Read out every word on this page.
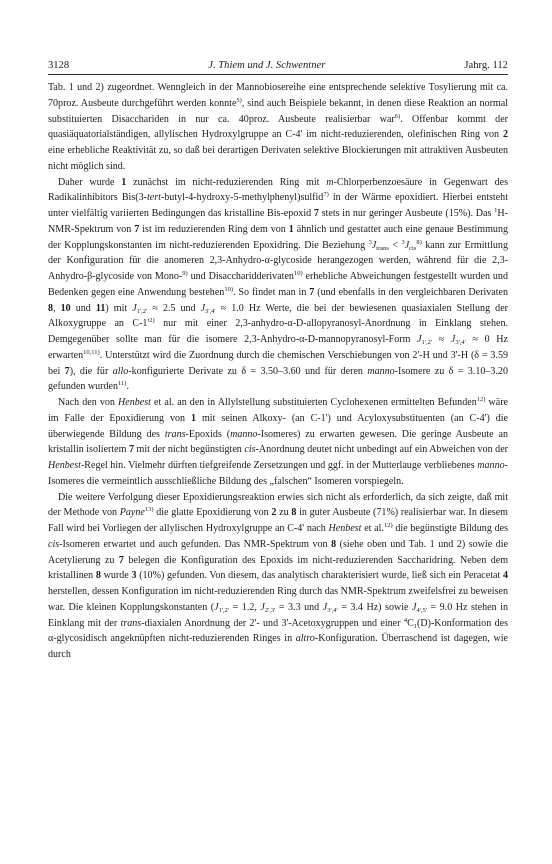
3128	J. Thiem und J. Schwentner	Jahrg. 112

Tab. 1 und 2) zugeordnet. Wenngleich in der Mannobiosereihe eine entsprechende selektive Tosylierung mit ca. 70proz. Ausbeute durchgeführt werden konnte$^{5)}$, sind auch Beispiele bekannt, in denen diese Reaktion an normal substituierten Disacchariden in nur ca. 40proz. Ausbeute realisierbar war$^{6)}$. Offenbar kommt der quasiäquatorialständigen, allylischen Hydroxylgruppe an C-4' im nicht-reduzierenden, olefinischen Ring von 2 eine erhebliche Reaktivität zu, so daß bei derartigen Derivaten selektive Blockierungen mit attraktiven Ausbeuten nicht möglich sind.

Daher wurde 1 zunächst im nicht-reduzierenden Ring mit m-Chlorperbenzoesäure in Gegenwart des Radikalinhibitors Bis(3-tert-butyl-4-hydroxy-5-methylphenyl)sulfid$^{7)}$ in der Wärme epoxidiert. Hierbei entsteht unter vielfältig variierten Bedingungen das kristalline Bis-epoxid 7 stets in nur geringer Ausbeute (15%). Das $^1$H-NMR-Spektrum von 7 ist im reduzierenden Ring dem von 1 ähnlich und gestattet auch eine genaue Bestimmung der Kopplungskonstanten im nicht-reduzierenden Epoxidring. Die Beziehung $^3J_{trans} < ^3J_{cis}^{8)}$ kann zur Ermittlung der Konfiguration für die anomeren 2,3-Anhydro-α-glycoside herangezogen werden, während für die 2,3-Anhydro-β-glycoside von Mono-$^{9)}$ und Disaccharidderivaten$^{10)}$ erhebliche Abweichungen festgestellt wurden und Bedenken gegen eine Anwendung bestehen$^{10)}$. So findet man in 7 (und ebenfalls in den vergleichbaren Derivaten 8, 10 und 11) mit $J_{1',2'} \approx 2.5$ und $J_{3',4'} \approx 1.0$ Hz Werte, die bei der bewiesenen quasiaxialen Stellung der Alkoxygruppe an $C-1'^{2)}$ nur mit einer 2,3-anhydro-α-D-allopyranosyl-Anordnung in Einklang stehen. Demgegenüber sollte man für die isomere 2,3-Anhydro-α-D-mannopyranosyl-Form $J_{1',2'} \approx J_{3',4'} \approx 0$ Hz erwarten$^{10,11)}$. Unterstützt wird die Zuordnung durch die chemischen Verschiebungen von 2'-H und 3'-H (δ = 3.59 bei 7), die für allo-konfigurierte Derivate zu δ = 3.50–3.60 und für deren manno-Isomere zu δ = 3.10–3.20 gefunden wurden$^{11)}$.

Nach den von Henbest et al. an den in Allylstellung substituierten Cyclohexenen ermittelten Befunden$^{12)}$ wäre im Falle der Epoxidierung von 1 mit seinen Alkoxy- (an C-1') und Acyloxysubstituenten (an C-4') die überwiegende Bildung des trans-Epoxids (manno-Isomeres) zu erwarten gewesen. Die geringe Ausbeute an kristallin isoliertem 7 mit der nicht begünstigten cis-Anordnung deutet nicht unbedingt auf ein Abweichen von der Henbest-Regel hin. Vielmehr dürften tiefgreifende Zersetzungen und ggf. in der Mutterlauge verbliebenes manno-Isomeres die vermeintlich ausschließliche Bildung des „falschen“ Isomeren vorspiegeln.

Die weitere Verfolgung dieser Epoxidierungsreaktion erwies sich nicht als erforderlich, da sich zeigte, daß mit der Methode von Payne$^{13)}$ die glatte Epoxidierung von 2 zu 8 in guter Ausbeute (71%) realisierbar war. In diesem Fall wird bei Vorliegen der allylischen Hydroxylgruppe an C-4' nach Henbest et al.$^{12)}$ die begünstigte Bildung des cis-Isomeren erwartet und auch gefunden. Das NMR-Spektrum von 8 (siehe oben und Tab. 1 und 2) sowie die Acetylierung zu 7 belegen die Konfiguration des Epoxids im nicht-reduzierenden Saccharidring. Neben dem kristallinen 8 wurde 3 (10%) gefunden. Von diesem, das analytisch charakterisiert wurde, ließ sich ein Peracetat 4 herstellen, dessen Konfiguration im nicht-reduzierenden Ring durch das NMR-Spektrum zweifelsfrei zu beweisen war. Die kleinen Kopplungskonstanten ($J_{1',2'} = 1.2$, $J_{2',3'} = 3.3$ und $J_{3',4'} = 3.4$ Hz) sowie $J_{4',5'} = 9.0$ Hz stehen in Einklang mit der trans-diaxialen Anordnung der 2'- und 3'-Acetoxygruppen und einer $^4C_1(D)$-Konformation des α-glycosidisch angeknüpften nicht-reduzierenden Ringes in altro-Konfiguration. Überraschend ist dagegen, wie durch
